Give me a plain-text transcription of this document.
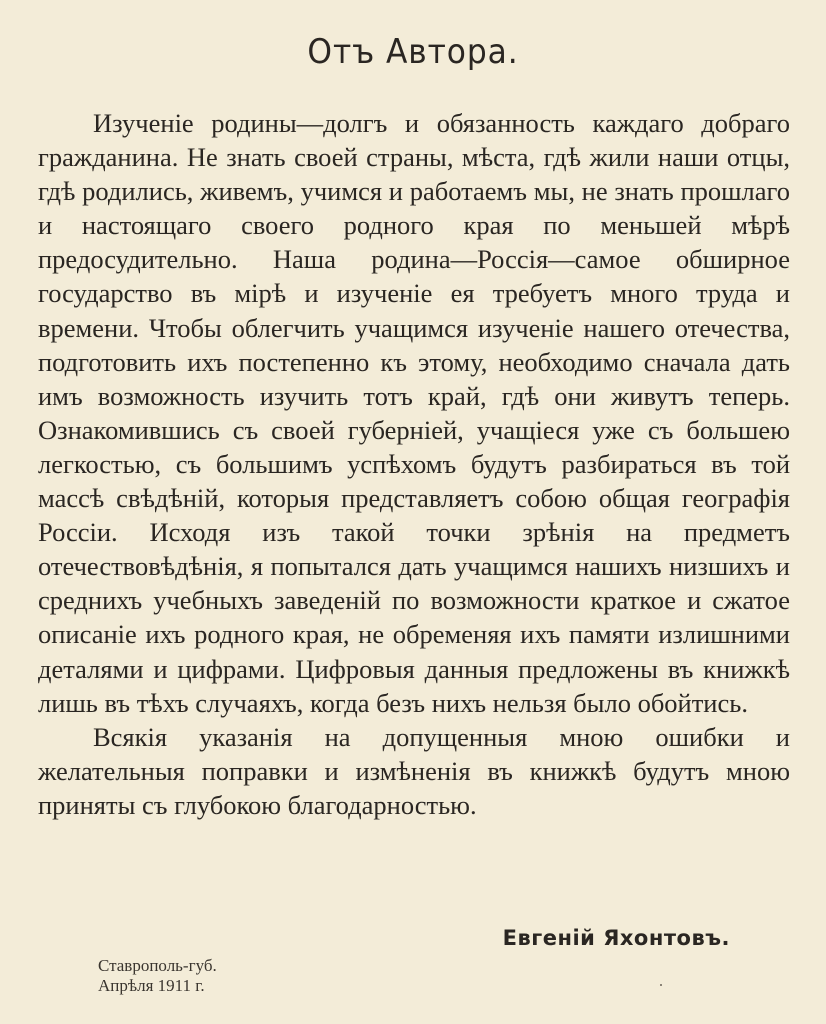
Отъ Автора.

Изученіе родины—долгъ и обязанность каждаго добраго гражданина. Не знать своей страны, мѣста, гдѣ жили наши отцы, гдѣ родились, живемъ, учимся и работаемъ мы, не знать прошлаго и настоящаго своего родного края по меньшей мѣрѣ предосудительно. Наша родина—Россія—самое обширное государство въ мірѣ и изученіе ея требуетъ много труда и времени. Чтобы облегчить учащимся изученіе нашего отечества, подготовить ихъ постепенно къ этому, необходимо сначала дать имъ возможность изучить тотъ край, гдѣ они живутъ теперь. Ознакомившись съ своей губерніей, учащіеся уже съ большею легкостью, съ большимъ успѣхомъ будутъ разбираться въ той массѣ свѣдѣній, которыя представляетъ собою общая географія Россіи. Исходя изъ такой точки зрѣнія на предметъ отечествовѣдѣнія, я попытался дать учащимся нашихъ низшихъ и среднихъ учебныхъ заведеній по возможности краткое и сжатое описаніе ихъ родного края, не обременяя ихъ памяти излишними деталями и цифрами. Цифровыя данныя предложены въ книжкѣ лишь въ тѣхъ случаяхъ, когда безъ нихъ нельзя было обойтись.

Всякія указанія на допущенныя мною ошибки и желательныя поправки и измѣненія въ книжкѣ будутъ мною приняты съ глубокою благодарностью.

Евгеній Яхонтовъ.
Ставрополь-губ.
Апрѣля 1911 г.
